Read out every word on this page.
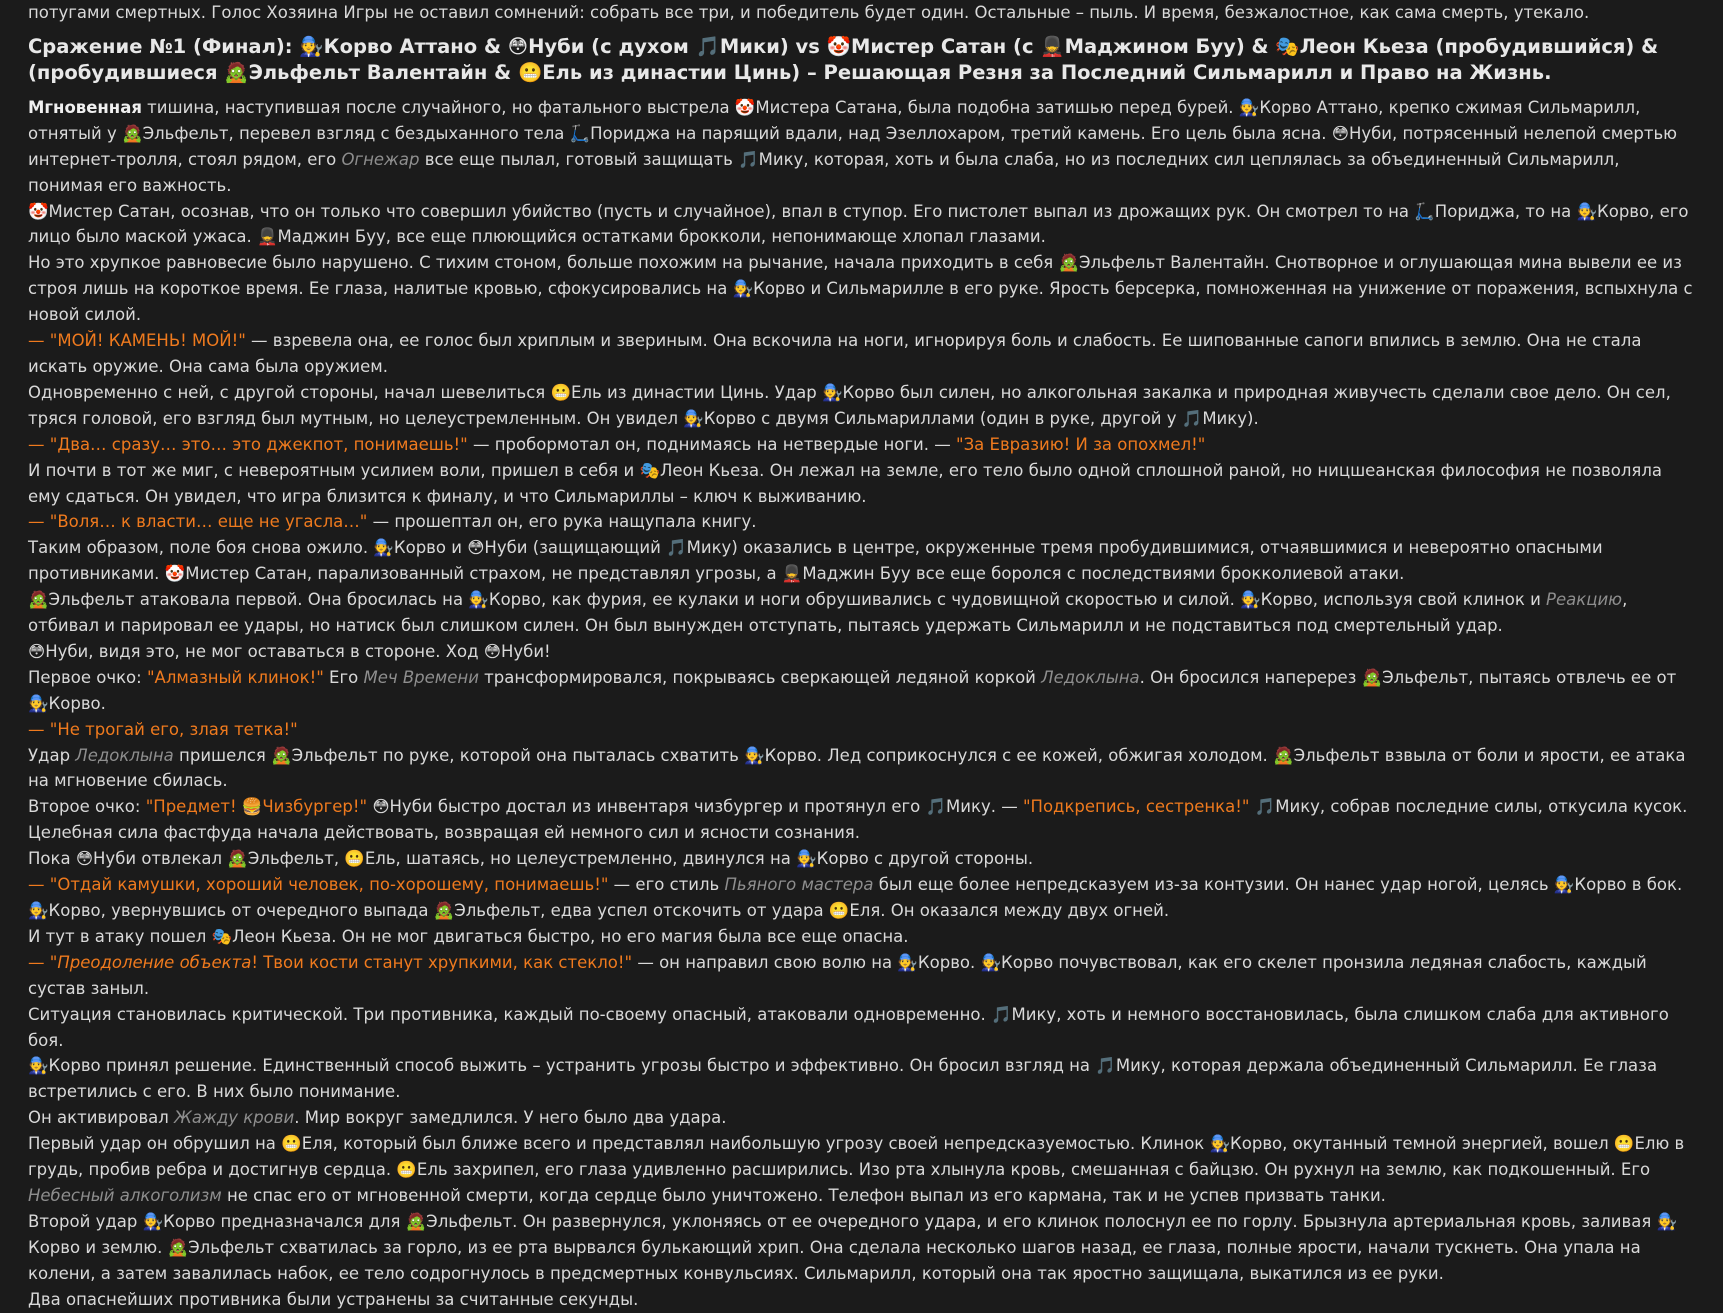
потугами смертных. Голос Хозяина Игры не оставил сомнений: собрать все три, и победитель будет один. Остальные – пыль. И время, безжалостное, как сама смерть, утекало.

Сражение №1 (Финал): 🧑‍🔧Корво Аттано & 😳Нуби (с духом 🎵Мики) vs 🤡Мистер Сатан (с 💂Маджином Буу) & 🎭Леон Кьеза (пробудившийся) & (пробудившиеся 🧟Эльфельт Валентайн & 😬Ель из династии Цинь) – Решающая Резня за Последний Сильмарилл и Право на Жизнь.

Мгновенная тишина, наступившая после случайного, но фатального выстрела 🤡Мистера Сатана, была подобна затишью перед бурей. 🧑‍🔧Корво Аттано, крепко сжимая Сильмарилл, отнятый у 🧟Эльфельт, перевел взгляд с бездыханного тела 🛴Пориджа на парящий вдали, над Эзеллохаром, третий камень. Его цель была ясна. 😳Нуби, потрясенный нелепой смертью интернет-тролля, стоял рядом, его Огнежар все еще пылал, готовый защищать 🎵Мику, которая, хоть и была слаба, но из последних сил цеплялась за объединенный Сильмарилл, понимая его важность.

🤡Мистер Сатан, осознав, что он только что совершил убийство (пусть и случайное), впал в ступор. Его пистолет выпал из дрожащих рук. Он смотрел то на 🛴Пориджа, то на 🧑‍🔧Корво, его лицо было маской ужаса. 💂Маджин Буу, все еще плюющийся остатками брокколи, непонимающе хлопал глазами.

Но это хрупкое равновесие было нарушено. С тихим стоном, больше похожим на рычание, начала приходить в себя 🧟Эльфельт Валентайн. Снотворное и оглушающая мина вывели ее из строя лишь на короткое время. Ее глаза, налитые кровью, сфокусировались на 🧑‍🔧Корво и Сильмарилле в его руке. Ярость берсерка, помноженная на унижение от поражения, вспыхнула с новой силой.

— "МОЙ! КАМЕНЬ! МОЙ!" — взревела она, ее голос был хриплым и звериным. Она вскочила на ноги, игнорируя боль и слабость. Ее шипованные сапоги впились в землю. Она не стала искать оружие. Она сама была оружием.

Одновременно с ней, с другой стороны, начал шевелиться 😬Ель из династии Цинь. Удар 🧑‍🔧Корво был силен, но алкогольная закалка и природная живучесть сделали свое дело. Он сел, тряся головой, его взгляд был мутным, но целеустремленным. Он увидел 🧑‍🔧Корво с двумя Сильмариллами (один в руке, другой у 🎵Мику).

— "Два… сразу… это… это джекпот, понимаешь!" — пробормотал он, поднимаясь на нетвердые ноги. — "За Евразию! И за опохмел!"

И почти в тот же миг, с невероятным усилием воли, пришел в себя и 🎭Леон Кьеза. Он лежал на земле, его тело было одной сплошной раной, но ницшеанская философия не позволяла ему сдаться. Он увидел, что игра близится к финалу, и что Сильмариллы – ключ к выживанию.

— "Воля… к власти… еще не угасла…" — прошептал он, его рука нащупала книгу.

Таким образом, поле боя снова ожило. 🧑‍🔧Корво и 😳Нуби (защищающий 🎵Мику) оказались в центре, окруженные тремя пробудившимися, отчаявшимися и невероятно опасными противниками. 🤡Мистер Сатан, парализованный страхом, не представлял угрозы, а 💂Маджин Буу все еще боролся с последствиями брокколиевой атаки.

🧟Эльфельт атаковала первой. Она бросилась на 🧑‍🔧Корво, как фурия, ее кулаки и ноги обрушивались с чудовищной скоростью и силой. 🧑‍🔧Корво, используя свой клинок и Реакцию, отбивал и парировал ее удары, но натиск был слишком силен. Он был вынужден отступать, пытаясь удержать Сильмарилл и не подставиться под смертельный удар.

😳Нуби, видя это, не мог оставаться в стороне. Ход 😳Нуби!

Первое очко: "Алмазный клинок!" Его Меч Времени трансформировался, покрываясь сверкающей ледяной коркой Ледоклына. Он бросился наперерез 🧟Эльфельт, пытаясь отвлечь ее от 🧑‍🔧Корво.

— "Не трогай его, злая тетка!"

Удар Ледоклына пришелся 🧟Эльфельт по руке, которой она пыталась схватить 🧑‍🔧Корво. Лед соприкоснулся с ее кожей, обжигая холодом. 🧟Эльфельт взвыла от боли и ярости, ее атака на мгновение сбилась.

Второе очко: "Предмет! 🍔Чизбургер!" 😳Нуби быстро достал из инвентаря чизбургер и протянул его 🎵Мику. — "Подкрепись, сестренка!" 🎵Мику, собрав последние силы, откусила кусок. Целебная сила фастфуда начала действовать, возвращая ей немного сил и ясности сознания.

Пока 😳Нуби отвлекал 🧟Эльфельт, 😬Ель, шатаясь, но целеустремленно, двинулся на 🧑‍🔧Корво с другой стороны.

— "Отдай камушки, хороший человек, по-хорошему, понимаешь!" — его стиль Пьяного мастера был еще более непредсказуем из-за контузии. Он нанес удар ногой, целясь 🧑‍🔧Корво в бок.

🧑‍🔧Корво, увернувшись от очередного выпада 🧟Эльфельт, едва успел отскочить от удара 😬Еля. Он оказался между двух огней.

И тут в атаку пошел 🎭Леон Кьеза. Он не мог двигаться быстро, но его магия была все еще опасна.

— "Преодоление объекта! Твои кости станут хрупкими, как стекло!" — он направил свою волю на 🧑‍🔧Корво. 🧑‍🔧Корво почувствовал, как его скелет пронзила ледяная слабость, каждый сустав заныл.

Ситуация становилась критической. Три противника, каждый по-своему опасный, атаковали одновременно. 🎵Мику, хоть и немного восстановилась, была слишком слаба для активного боя.

🧑‍🔧Корво принял решение. Единственный способ выжить – устранить угрозы быстро и эффективно. Он бросил взгляд на 🎵Мику, которая держала объединенный Сильмарилл. Ее глаза встретились с его. В них было понимание.

Он активировал Жажду крови. Мир вокруг замедлился. У него было два удара.

Первый удар он обрушил на 😬Еля, который был ближе всего и представлял наибольшую угрозу своей непредсказуемостью. Клинок 🧑‍🔧Корво, окутанный темной энергией, вошел 😬Елю в грудь, пробив ребра и достигнув сердца. 😬Ель захрипел, его глаза удивленно расширились. Изо рта хлынула кровь, смешанная с байцзю. Он рухнул на землю, как подкошенный. Его Небесный алкоголизм не спас его от мгновенной смерти, когда сердце было уничтожено. Телефон выпал из его кармана, так и не успев призвать танки.

Второй удар 🧑‍🔧Корво предназначался для 🧟Эльфельт. Он развернулся, уклоняясь от ее очередного удара, и его клинок полоснул ее по горлу. Брызнула артериальная кровь, заливая 🧑‍🔧Корво и землю. 🧟Эльфельт схватилась за горло, из ее рта вырвался булькающий хрип. Она сделала несколько шагов назад, ее глаза, полные ярости, начали тускнеть. Она упала на колени, а затем завалилась набок, ее тело содрогнулось в предсмертных конвульсиях. Сильмарилл, который она так яростно защищала, выкатился из ее руки.

Два опаснейших противника были устранены за считанные секунды.
